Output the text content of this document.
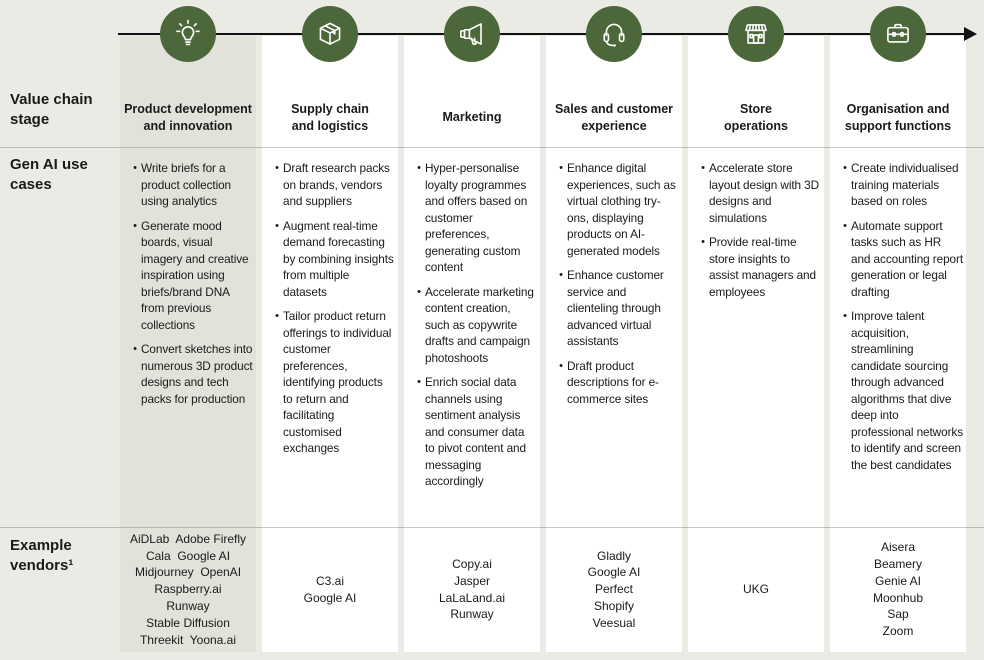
Value chain
stage
Gen AI use
cases
Example
vendors¹
Product development
and innovation
• Write briefs for a product collection using analytics
• Generate mood boards, visual imagery and creative inspiration using briefs/brand DNA from previous collections
• Convert sketches into numerous 3D product designs and tech packs for production
AiDLab  Adobe Firefly
Cala  Google AI
Midjourney  OpenAI
Raspberry.ai
Runway
Stable Diffusion
Threekit  Yoona.ai
Supply chain
and logistics
• Draft research packs on brands, vendors and suppliers
• Augment real-time demand forecasting by combining insights from multiple datasets
• Tailor product return offerings to individual customer preferences, identifying products to return and facilitating customised exchanges
C3.ai
Google AI
Marketing
• Hyper-personalise loyalty programmes and offers based on customer preferences, generating custom content
• Accelerate marketing content creation, such as copywrite drafts and campaign photoshoots
• Enrich social data channels using sentiment analysis and consumer data to pivot content and messaging accordingly
Copy.ai
Jasper
LaLaLand.ai
Runway
Sales and customer
experience
• Enhance digital experiences, such as virtual clothing try-ons, displaying products on AI-generated models
• Enhance customer service and clienteling through advanced virtual assistants
• Draft product descriptions for e-commerce sites
Gladly
Google AI
Perfect
Shopify
Veesual
Store
operations
• Accelerate store layout design with 3D designs and simulations
• Provide real-time store insights to assist managers and employees
UKG
Organisation and
support functions
• Create individualised training materials based on roles
• Automate support tasks such as HR and accounting report generation or legal drafting
• Improve talent acquisition, streamlining candidate sourcing through advanced algorithms that dive deep into professional networks to identify and screen the best candidates
Aisera
Beamery
Genie AI
Moonhub
Sap
Zoom
